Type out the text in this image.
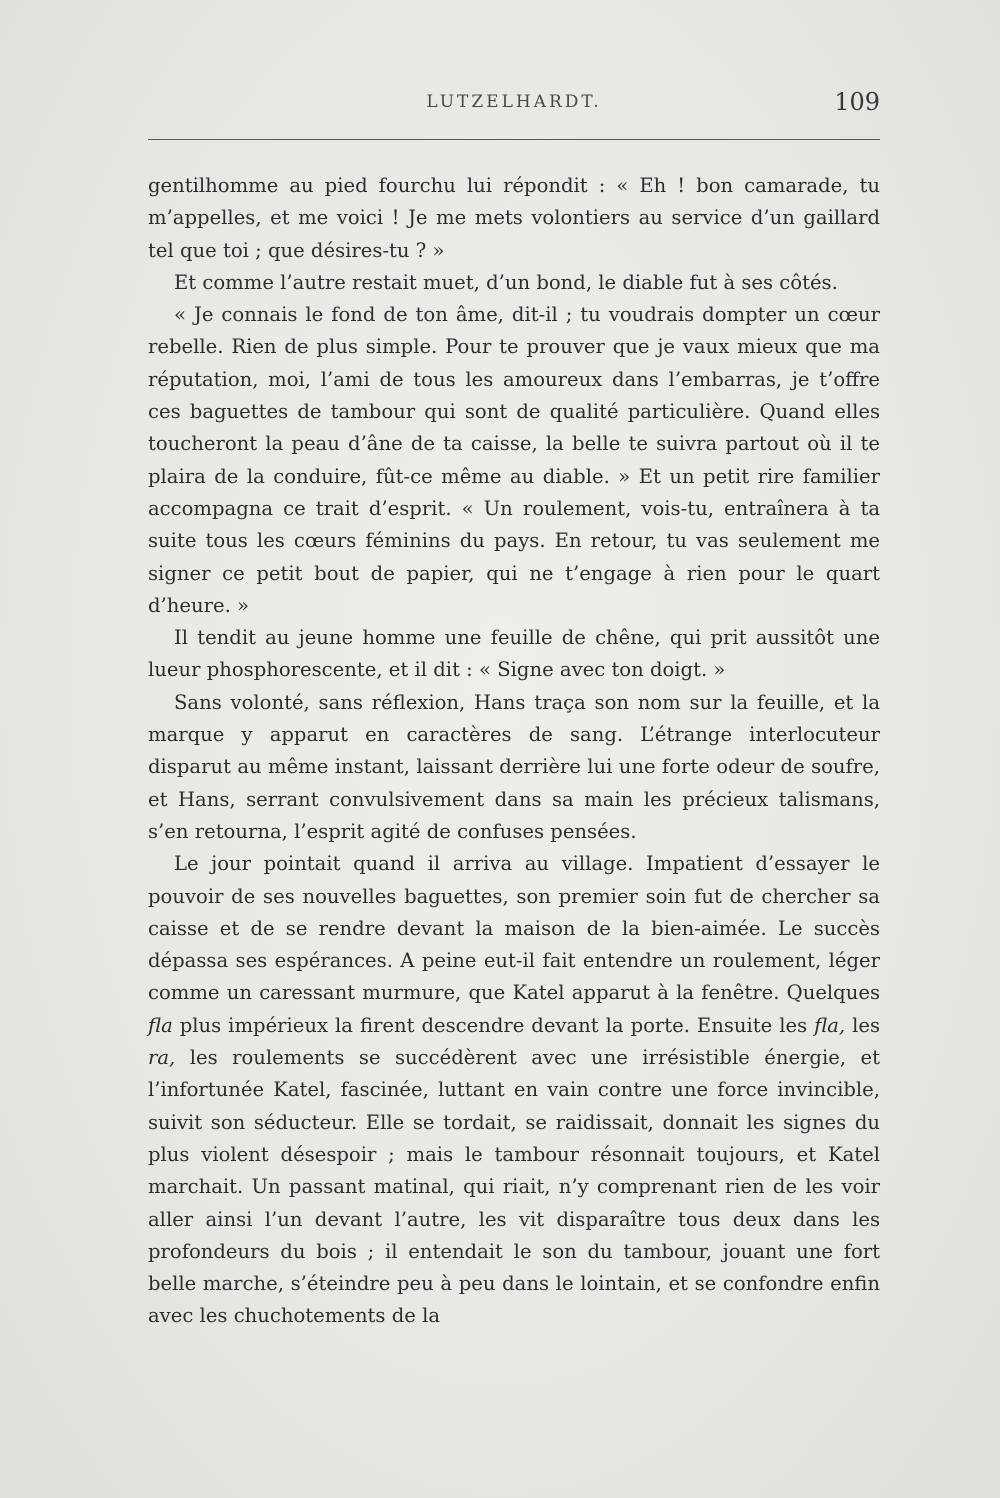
LUTZELHARDT.	109

gentilhomme au pied fourchu lui répondit : « Eh ! bon camarade, tu m’appelles, et me voici ! Je me mets volontiers au service d’un gaillard tel que toi ; que désires-tu ? »

Et comme l’autre restait muet, d’un bond, le diable fut à ses côtés.

« Je connais le fond de ton âme, dit-il ; tu voudrais dompter un cœur rebelle. Rien de plus simple. Pour te prouver que je vaux mieux que ma réputation, moi, l’ami de tous les amoureux dans l’embarras, je t’offre ces baguettes de tambour qui sont de qualité particulière. Quand elles toucheront la peau d’âne de ta caisse, la belle te suivra partout où il te plaira de la conduire, fût-ce même au diable. » Et un petit rire familier accompagna ce trait d’esprit. « Un roulement, vois-tu, entraînera à ta suite tous les cœurs féminins du pays. En retour, tu vas seulement me signer ce petit bout de papier, qui ne t’engage à rien pour le quart d’heure. »

Il tendit au jeune homme une feuille de chêne, qui prit aussitôt une lueur phosphorescente, et il dit : « Signe avec ton doigt. »

Sans volonté, sans réflexion, Hans traça son nom sur la feuille, et la marque y apparut en caractères de sang. L’étrange interlocuteur disparut au même instant, laissant derrière lui une forte odeur de soufre, et Hans, serrant convulsivement dans sa main les précieux talismans, s’en retourna, l’esprit agité de confuses pensées.

Le jour pointait quand il arriva au village. Impatient d’essayer le pouvoir de ses nouvelles baguettes, son premier soin fut de chercher sa caisse et de se rendre devant la maison de la bien-aimée. Le succès dépassa ses espérances. A peine eut-il fait entendre un roulement, léger comme un caressant murmure, que Katel apparut à la fenêtre. Quelques fla plus impérieux la firent descendre devant la porte. Ensuite les fla, les ra, les roulements se succédèrent avec une irrésistible énergie, et l’infortunée Katel, fascinée, luttant en vain contre une force invincible, suivit son séducteur. Elle se tordait, se raidissait, donnait les signes du plus violent désespoir ; mais le tambour résonnait toujours, et Katel marchait. Un passant matinal, qui riait, n’y comprenant rien de les voir aller ainsi l’un devant l’autre, les vit disparaître tous deux dans les profondeurs du bois ; il entendait le son du tambour, jouant une fort belle marche, s’éteindre peu à peu dans le lointain, et se confondre enfin avec les chuchotements de la
